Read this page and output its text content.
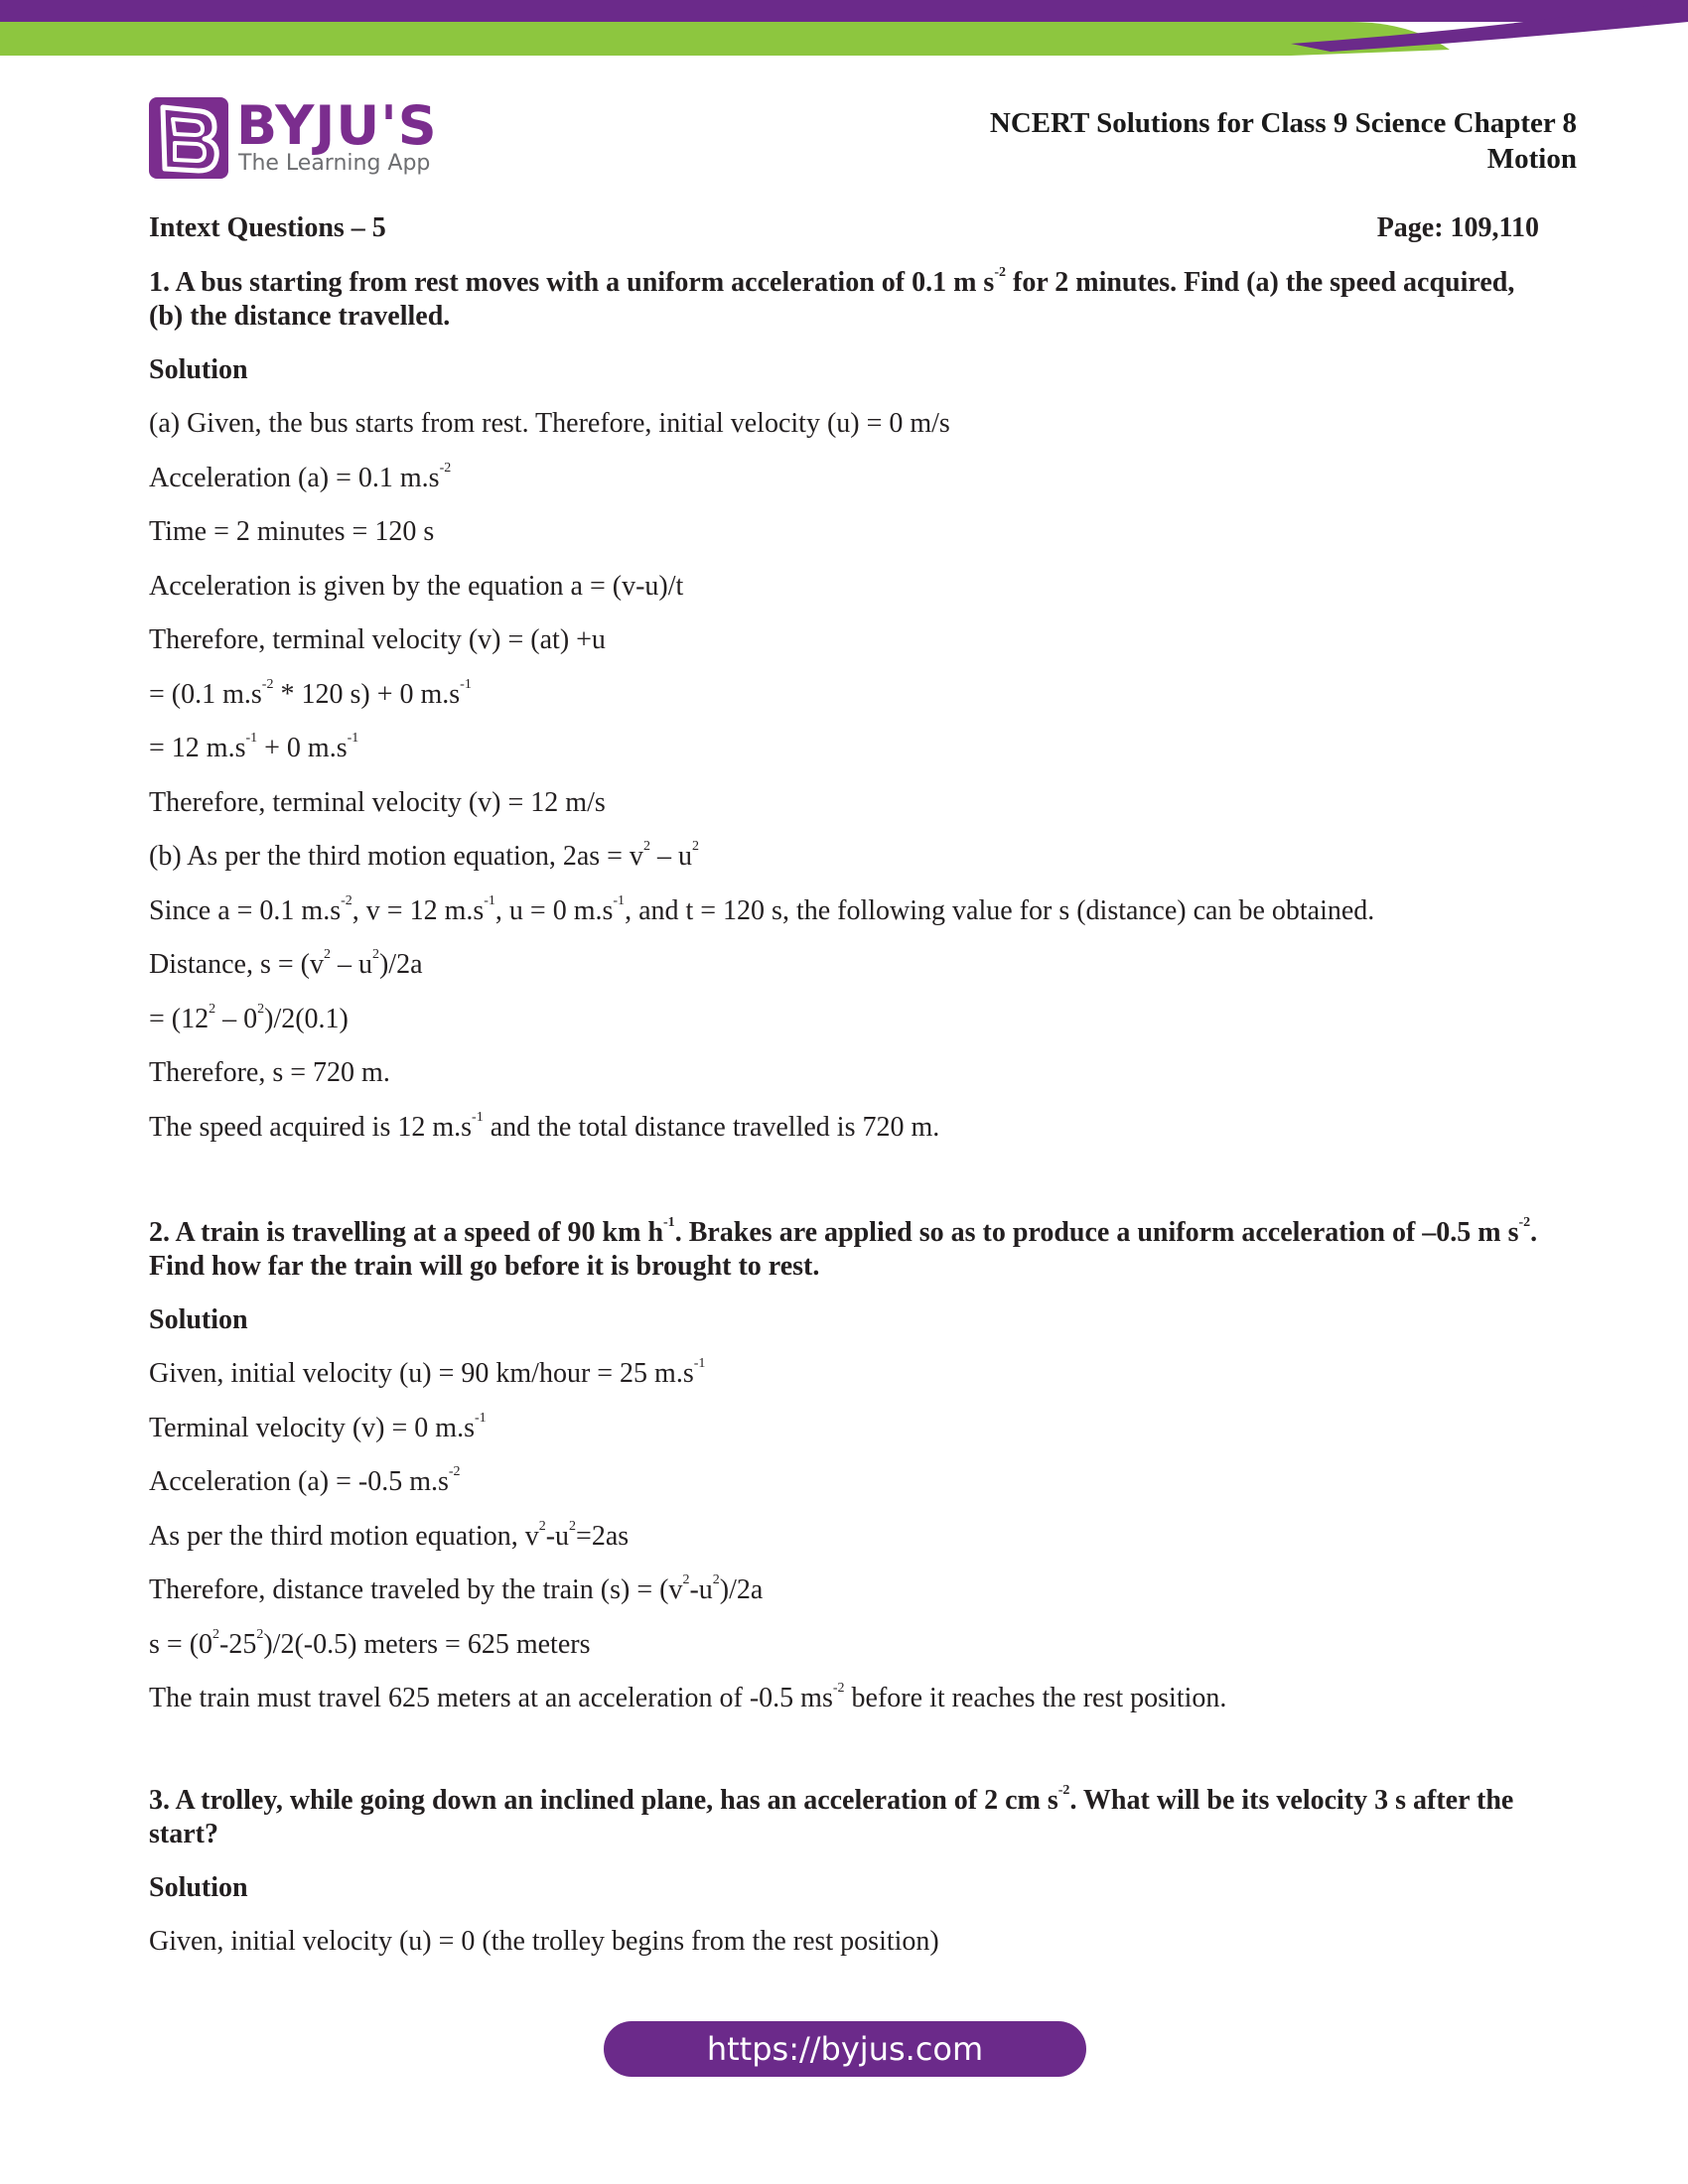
BYJU'S
The Learning App
NCERT Solutions for Class 9 Science Chapter 8
Motion
Intext Questions – 5	Page: 109,110
1. A bus starting from rest moves with a uniform acceleration of 0.1 m $s^{-2}$ for 2 minutes. Find (a) the speed acquired, (b) the distance travelled.
Solution
(a) Given, the bus starts from rest. Therefore, initial velocity (u) = 0 m/s
Acceleration (a) = 0.1 $m.s^{-2}$
Time = 2 minutes = 120 s
Acceleration is given by the equation a = (v-u)/t
Therefore, terminal velocity (v) = (at) +u
= (0.1 $m.s^{-2} * 120$ s) + 0 $m.s^{-1}$
= 12 $m.s^{-1} + 0$ $m.s^{-1}$
Therefore, terminal velocity (v) = 12 m/s
(b) As per the third motion equation, $2as = v^2 - u^2$
Since a = 0.1 $m.s^{-2}$, v = 12 $m.s^{-1}$, u = 0 $m.s^{-1}$, and t = 120 s, the following value for s (distance) can be obtained.
Distance, $s = (v^2 - u^2)/2a$
= $(12^2 - 0^2)/2(0.1)$
Therefore, s = 720 m.
The speed acquired is 12 $m.s^{-1}$ and the total distance travelled is 720 m.
2. A train is travelling at a speed of 90 km $h^{-1}$. Brakes are applied so as to produce a uniform acceleration of –0.5 m $s^{-2}$. Find how far the train will go before it is brought to rest.
Solution
Given, initial velocity (u) = 90 km/hour = 25 $m.s^{-1}$
Terminal velocity (v) = 0 $m.s^{-1}$
Acceleration (a) = -0.5 $m.s^{-2}$
As per the third motion equation, $v^2-u^2=2as$
Therefore, distance traveled by the train $(s) = (v^2-u^2)/2a$
$s = (0^2-25^2)/2(-0.5)$ meters = 625 meters
The train must travel 625 meters at an acceleration of -0.5 $ms^{-2}$ before it reaches the rest position.
3. A trolley, while going down an inclined plane, has an acceleration of 2 cm $s^{-2}$. What will be its velocity 3 s after the start?
Solution
Given, initial velocity (u) = 0 (the trolley begins from the rest position)
https://byjus.com
